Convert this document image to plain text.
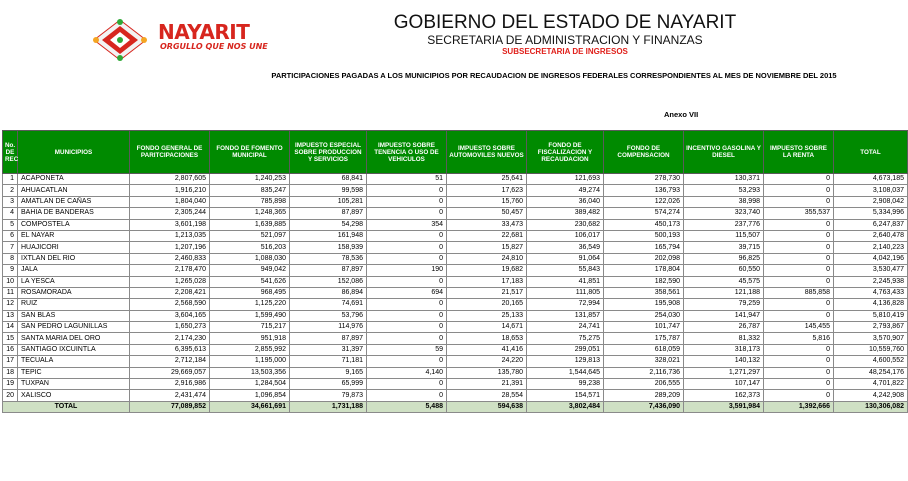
NAYARIT
ORGULLO QUE NOS UNE
GOBIERNO DEL ESTADO DE NAYARIT
SECRETARIA DE ADMINISTRACION Y FINANZAS
SUBSECRETARIA DE INGRESOS
PARTICIPACIONES PAGADAS A LOS MUNICIPIOS POR RECAUDACION DE INGRESOS FEDERALES CORRESPONDIENTES AL MES DE NOVIEMBRE DEL 2015
Anexo VII
No. DE REC	MUNICIPIOS	FONDO GENERAL DE PARITCIPACIONES	FONDO DE FOMENTO MUNICIPAL	IMPUESTO ESPECIAL SOBRE PRODUCCION Y SERVICIOS	IMPUESTO SOBRE TENENCIA O USO DE VEHICULOS	IMPUESTO SOBRE AUTOMOVILES NUEVOS	FONDO DE FISCALIZACION Y RECAUDACION	FONDO DE COMPENSACION	INCENTIVO GASOLINA Y DIESEL	IMPUESTO SOBRE LA RENTA	TOTAL
1	ACAPONETA	2,807,605	1,240,253	68,841	51	25,641	121,693	278,730	130,371	0	4,673,185
2	AHUACATLAN	1,916,210	835,247	99,598	0	17,623	49,274	136,793	53,293	0	3,108,037
3	AMATLAN DE CAÑAS	1,804,040	785,898	105,281	0	15,760	36,040	122,026	38,998	0	2,908,042
4	BAHIA DE BANDERAS	2,305,244	1,248,365	87,897	0	50,457	389,482	574,274	323,740	355,537	5,334,996
5	COMPOSTELA	3,601,198	1,639,885	54,298	354	33,473	230,682	450,173	237,776	0	6,247,837
6	EL NAYAR	1,213,035	521,097	161,948	0	22,681	106,017	500,193	115,507	0	2,640,478
7	HUAJICORI	1,207,196	516,203	158,939	0	15,827	36,549	165,794	39,715	0	2,140,223
8	IXTLAN DEL RIO	2,460,833	1,088,030	78,536	0	24,810	91,064	202,098	96,825	0	4,042,196
9	JALA	2,178,470	949,042	87,897	190	19,682	55,843	178,804	60,550	0	3,530,477
10	LA YESCA	1,265,028	541,626	152,086	0	17,183	41,851	182,590	45,575	0	2,245,938
11	ROSAMORADA	2,208,421	968,495	86,894	694	21,517	111,805	358,561	121,188	885,858	4,763,433
12	RUIZ	2,568,590	1,125,220	74,691	0	20,165	72,994	195,908	79,259	0	4,136,828
13	SAN BLAS	3,604,165	1,599,490	53,796	0	25,133	131,857	254,030	141,947	0	5,810,419
14	SAN PEDRO LAGUNILLAS	1,650,273	715,217	114,976	0	14,671	24,741	101,747	26,787	145,455	2,793,867
15	SANTA MARIA DEL ORO	2,174,230	951,918	87,897	0	18,653	75,275	175,787	81,332	5,816	3,570,907
16	SANTIAGO IXCUINTLA	6,395,613	2,855,992	31,397	59	41,416	299,051	618,059	318,173	0	10,559,760
17	TECUALA	2,712,184	1,195,000	71,181	0	24,220	129,813	328,021	140,132	0	4,600,552
18	TEPIC	29,669,057	13,503,356	9,165	4,140	135,780	1,544,645	2,116,736	1,271,297	0	48,254,176
19	TUXPAN	2,916,986	1,284,504	65,999	0	21,391	99,238	206,555	107,147	0	4,701,822
20	XALISCO	2,431,474	1,096,854	79,873	0	28,554	154,571	289,209	162,373	0	4,242,908
TOTAL		77,089,852	34,661,691	1,731,188	5,488	594,638	3,802,484	7,436,090	3,591,984	1,392,666	130,306,082
